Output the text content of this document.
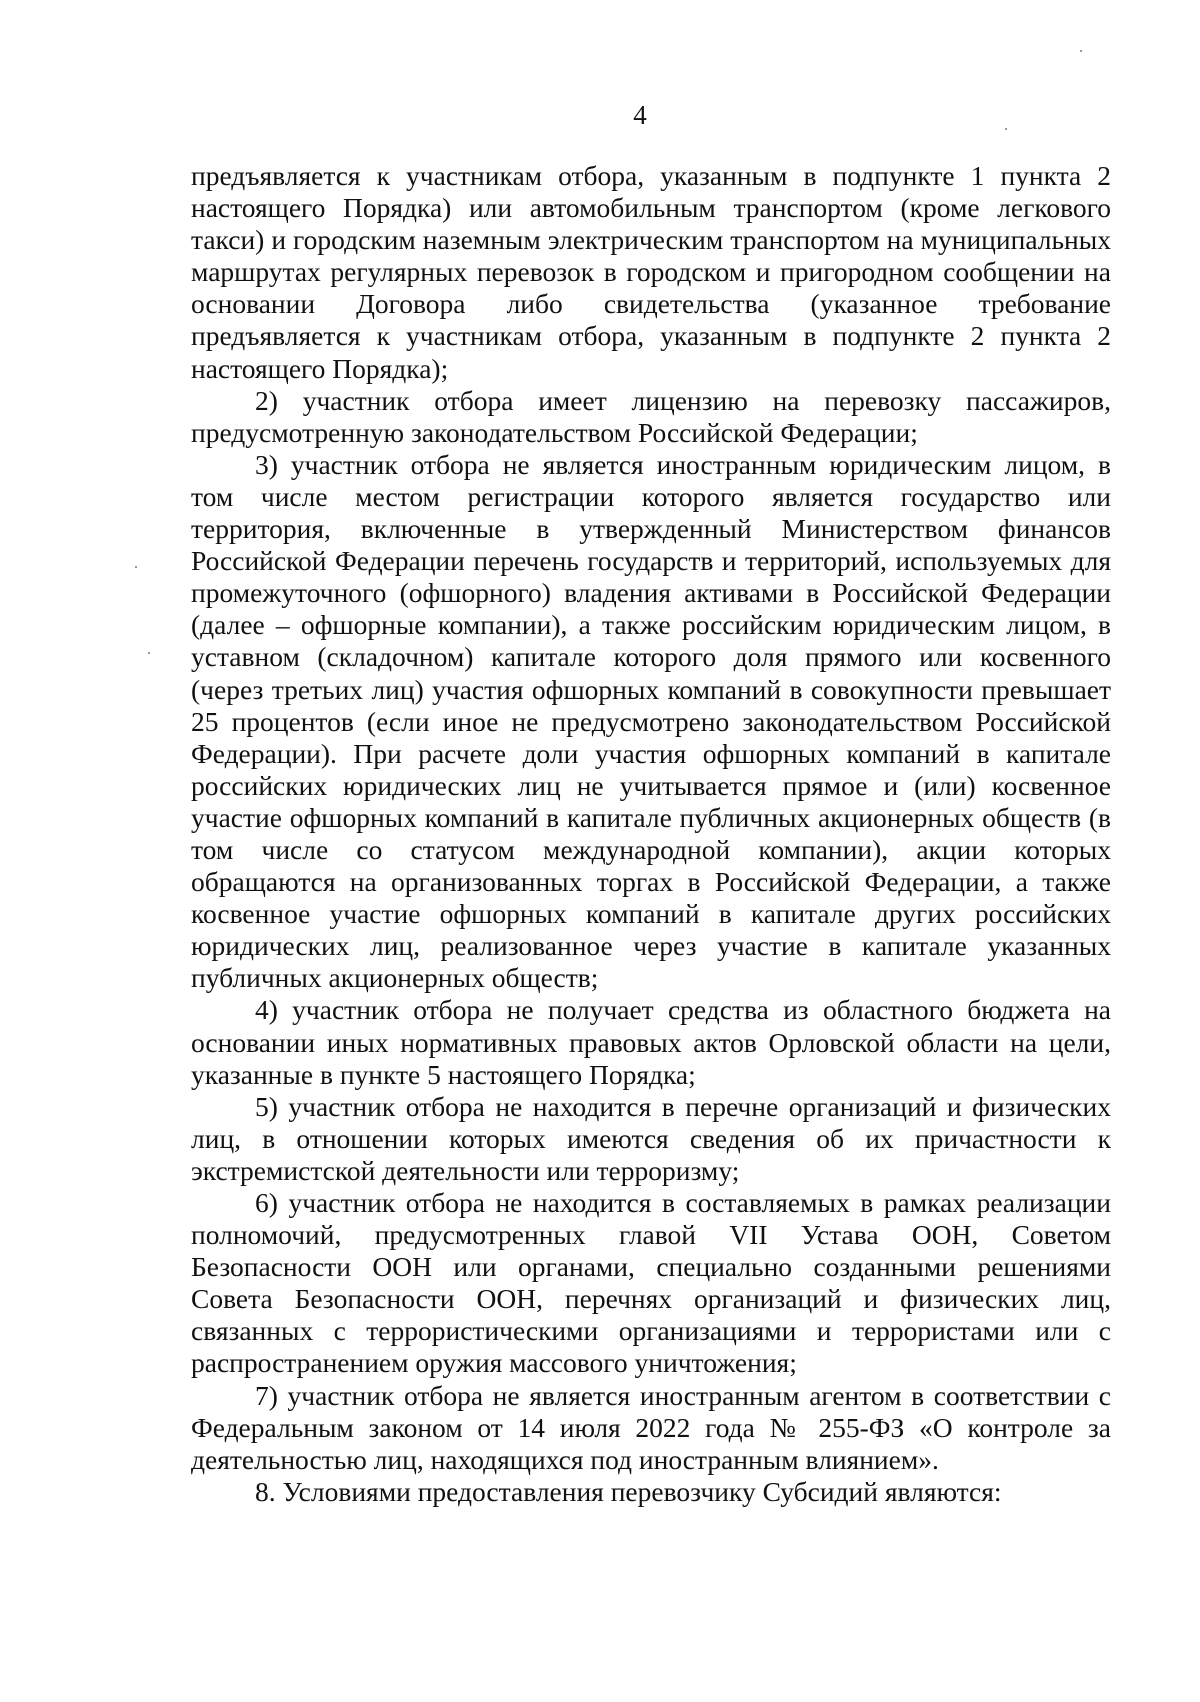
4

предъявляется к участникам отбора, указанным в подпункте 1 пункта 2 настоящего Порядка) или автомобильным транспортом (кроме легкового такси) и городским наземным электрическим транспортом на муниципальных маршрутах регулярных перевозок в городском и пригородном сообщении на основании Договора либо свидетельства (указанное требование предъявляется к участникам отбора, указанным в подпункте 2 пункта 2 настоящего Порядка);

2) участник отбора имеет лицензию на перевозку пассажиров, предусмотренную законодательством Российской Федерации;

3) участник отбора не является иностранным юридическим лицом, в том числе местом регистрации которого является государство или территория, включенные в утвержденный Министерством финансов Российской Федерации перечень государств и территорий, используемых для промежуточного (офшорного) владения активами в Российской Федерации (далее – офшорные компании), а также российским юридическим лицом, в уставном (складочном) капитале которого доля прямого или косвенного (через третьих лиц) участия офшорных компаний в совокупности превышает 25 процентов (если иное не предусмотрено законодательством Российской Федерации). При расчете доли участия офшорных компаний в капитале российских юридических лиц не учитывается прямое и (или) косвенное участие офшорных компаний в капитале публичных акционерных обществ (в том числе со статусом международной компании), акции которых обращаются на организованных торгах в Российской Федерации, а также косвенное участие офшорных компаний в капитале других российских юридических лиц, реализованное через участие в капитале указанных публичных акционерных обществ;

4) участник отбора не получает средства из областного бюджета на основании иных нормативных правовых актов Орловской области на цели, указанные в пункте 5 настоящего Порядка;

5) участник отбора не находится в перечне организаций и физических лиц, в отношении которых имеются сведения об их причастности к экстремистской деятельности или терроризму;

6) участник отбора не находится в составляемых в рамках реализации полномочий, предусмотренных главой VII Устава ООН, Советом Безопасности ООН или органами, специально созданными решениями Совета Безопасности ООН, перечнях организаций и физических лиц, связанных с террористическими организациями и террористами или с распространением оружия массового уничтожения;

7) участник отбора не является иностранным агентом в соответствии с Федеральным законом от 14 июля 2022 года № 255-ФЗ «О контроле за деятельностью лиц, находящихся под иностранным влиянием».

8. Условиями предоставления перевозчику Субсидий являются:
